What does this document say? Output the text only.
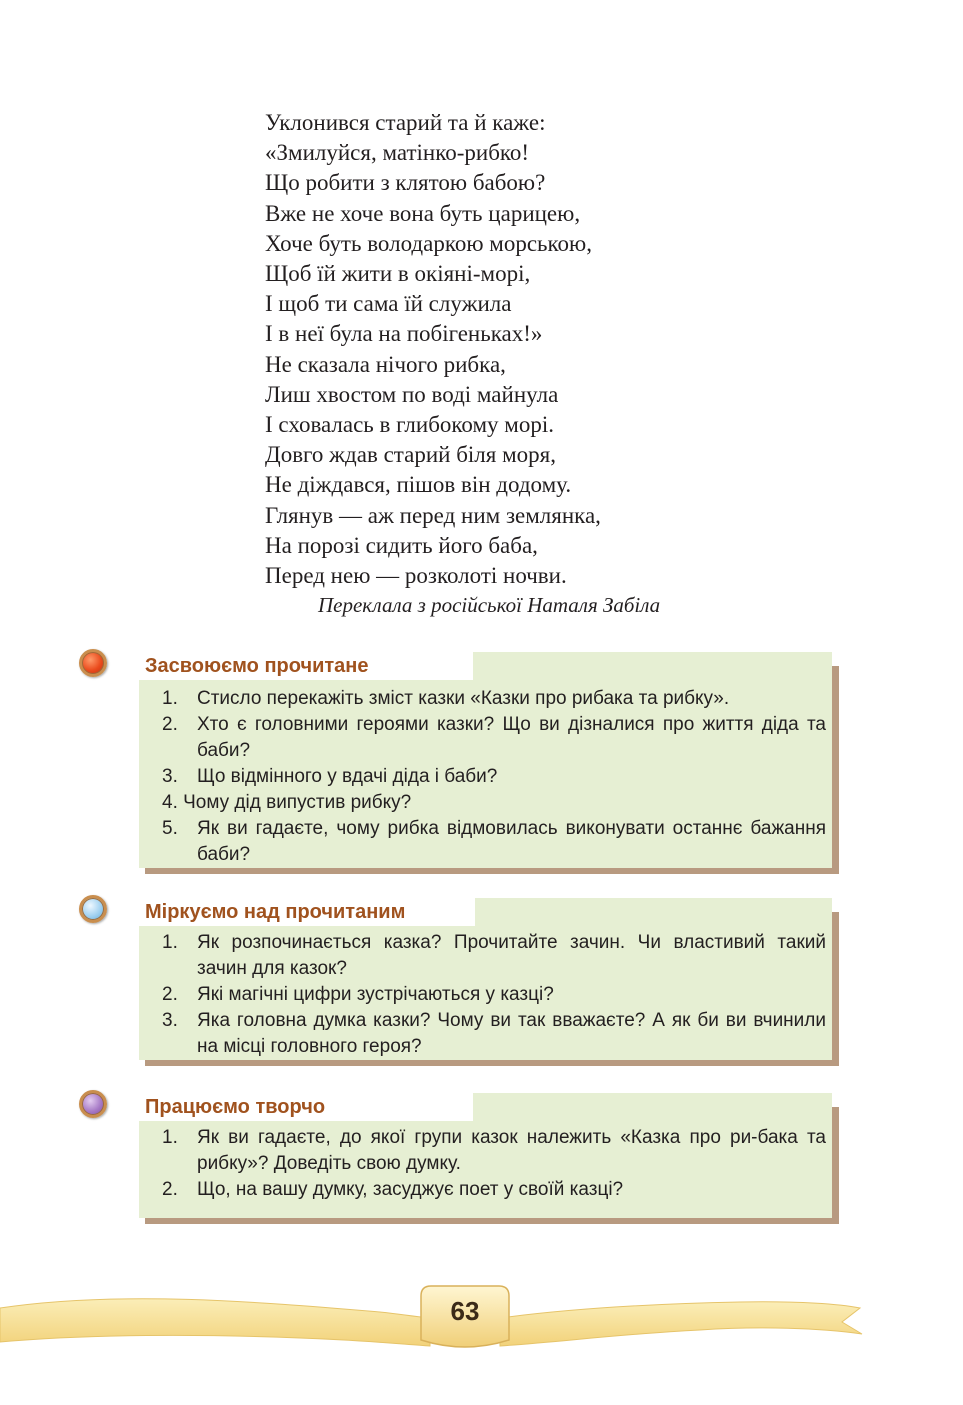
Уклонився старий та й каже:
«Змилуйся, матінко-рибко!
Що робити з клятою бабою?
Вже не хоче вона буть царицею,
Хоче буть володаркою морською,
Щоб їй жити в окіяні-морі,
І щоб ти сама їй служила
І в неї була на побігеньках!»
Не сказала нічого рибка,
Лиш хвостом по воді майнула
І сховалась в глибокому морі.
Довго ждав старий біля моря,
Не діждався, пішов він додому.
Глянув — аж перед ним землянка,
На порозі сидить його баба,
Перед нею — розколоті ночви.
Переклала з російської Наталя Забіла
Засвоюємо прочитане
1. Стисло перекажіть зміст казки «Казки про рибака та рибку».
2. Хто є головними героями казки? Що ви дізналися про життя діда та баби?
3. Що відмінного у вдачі діда і баби?
4. Чому дід випустив рибку?
5. Як ви гадаєте, чому рибка відмовилась виконувати останнє бажання баби?
Міркуємо над прочитаним
1. Як розпочинається казка? Прочитайте зачин. Чи властивий такий зачин для казок?
2. Які магічні цифри зустрічаються у казці?
3. Яка головна думка казки? Чому ви так вважаєте? А як би ви вчинили на місці головного героя?
Працюємо творчо
1. Як ви гадаєте, до якої групи казок належить «Казка про ри-бака та рибку»? Доведіть свою думку.
2. Що, на вашу думку, засуджує поет у своїй казці?
63
